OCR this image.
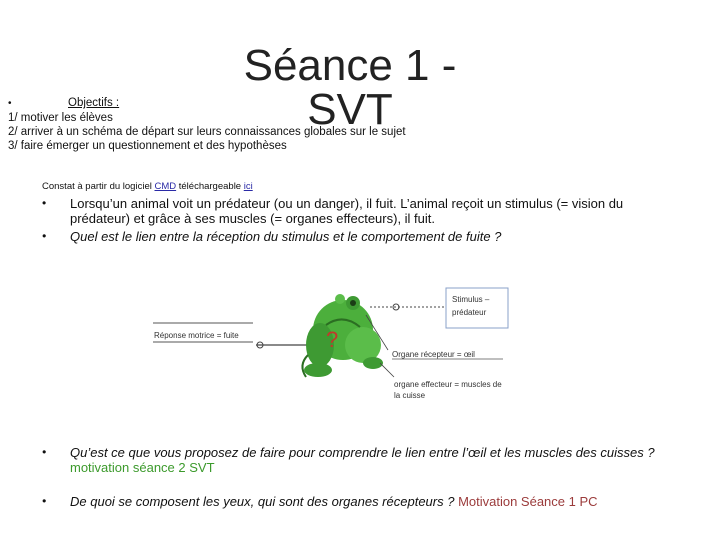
Séance 1 - SVT
•	Objectifs :
1/ motiver les élèves
2/ arriver à un schéma de départ sur leurs connaissances globales sur le sujet
3/ faire émerger un questionnement et des hypothèses
Constat à partir du logiciel CMD téléchargeable ici
• Lorsqu’un animal voit un prédateur (ou un danger), il fuit. L’animal reçoit un stimulus (= vision du prédateur) et grâce à ses muscles (= organes effecteurs), il fuit.
• Quel est le lien entre la réception du stimulus et le comportement de fuite ?
Réponse motrice = fuite	?
Stimulus –
prédateur
Organe récepteur = œil
organe effecteur = muscles de
la cuisse
• Qu’est ce que vous proposez de faire pour comprendre le lien entre l’œil et les muscles des cuisses ? motivation séance 2 SVT
• De quoi se composent les yeux, qui sont des organes récepteurs ? Motivation Séance 1 PC
